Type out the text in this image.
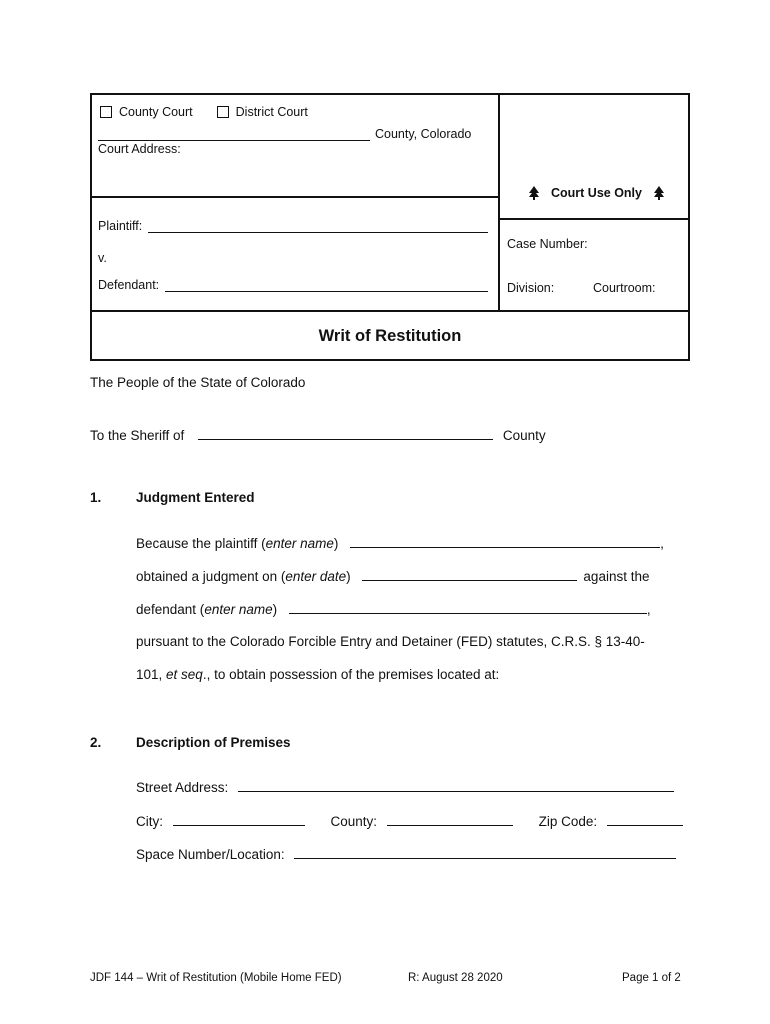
County Court	District Court
County, Colorado
Court Address:
Plaintiff:
v.
Defendant:
Court Use Only
Case Number:
Division:	Courtroom:
Writ of Restitution
The People of the State of Colorado
To the Sheriff of	County
1.	Judgment Entered
Because the plaintiff (enter name)	,
obtained a judgment on (enter date)	against the
defendant (enter name)	,
pursuant to the Colorado Forcible Entry and Detainer (FED) statutes, C.R.S. § 13-40-
101, et seq., to obtain possession of the premises located at:
2.	Description of Premises
Street Address:
City:	County:	Zip Code:
Space Number/Location:
JDF 144 – Writ of Restitution (Mobile Home FED)	R: August 28 2020	Page 1 of 2
